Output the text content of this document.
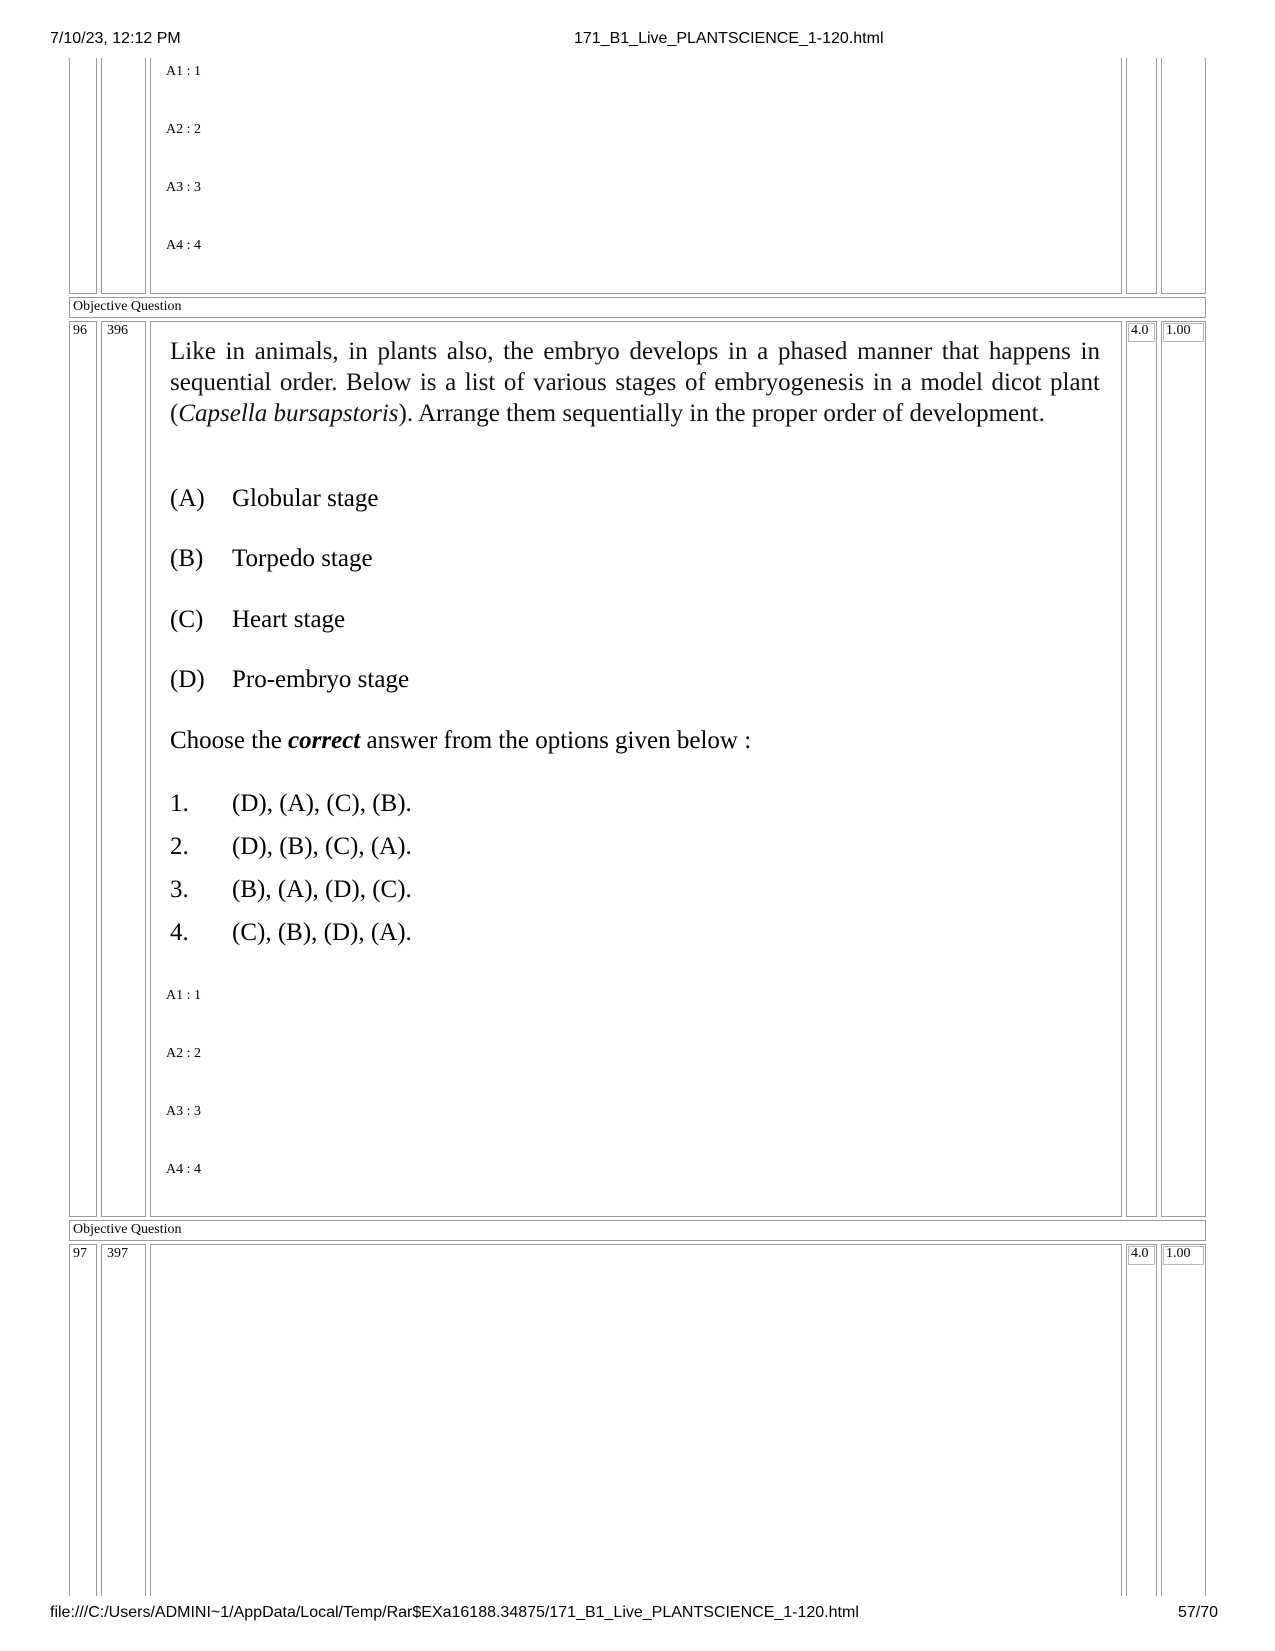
7/10/23, 12:12 PM	171_B1_Live_PLANTSCIENCE_1-120.html
A1 : 1
A2 : 2
A3 : 3
A4 : 4
Objective Question
96 396	4.0 1.00

Like in animals, in plants also, the embryo develops in a phased manner that happens in sequential order. Below is a list of various stages of embryogenesis in a model dicot plant (Capsella bursapstoris). Arrange them sequentially in the proper order of development.

(A) Globular stage
(B) Torpedo stage
(C) Heart stage
(D) Pro-embryo stage
Choose the correct answer from the options given below :
1. (D), (A), (C), (B).
2. (D), (B), (C), (A).
3. (B), (A), (D), (C).
4. (C), (B), (D), (A).
A1 : 1
A2 : 2
A3 : 3
A4 : 4
Objective Question
97 397	4.0 1.00
file:///C:/Users/ADMINI~1/AppData/Local/Temp/Rar$EXa16188.34875/171_B1_Live_PLANTSCIENCE_1-120.html	57/70
